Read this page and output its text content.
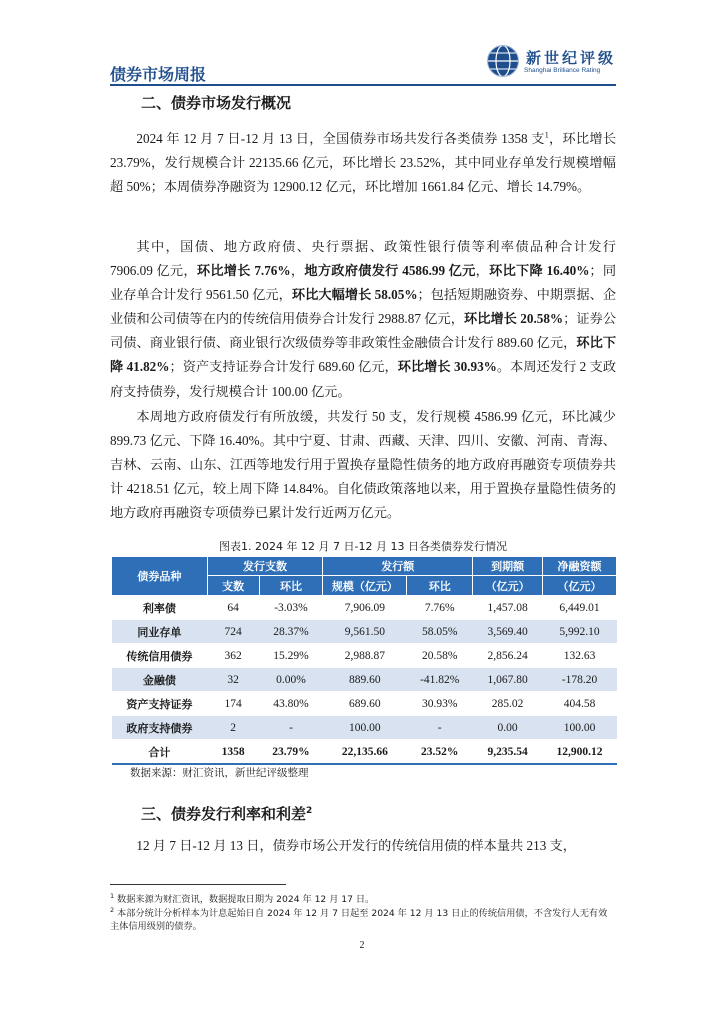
债券市场周报
新世纪评级
Shanghai Brilliance Rating
二、债券市场发行概况
2024 年 12 月 7 日-12 月 13 日，全国债券市场共发行各类债券 1358 支$^1$，环比增长 23.79%，发行规模合计 22135.66 亿元，环比增长 23.52%，其中同业存单发行规模增幅超 50%；本周债券净融资为 12900.12 亿元，环比增加 1661.84 亿元、增长 14.79%。
其中，国债、地方政府债、央行票据、政策性银行债等利率债品种合计发行 7906.09 亿元，环比增长 7.76%，地方政府债发行 4586.99 亿元，环比下降 16.40%；同业存单合计发行 9561.50 亿元，环比大幅增长 58.05%；包括短期融资券、中期票据、企业债和公司债等在内的传统信用债券合计发行 2988.87 亿元，环比增长 20.58%；证券公司债、商业银行债、商业银行次级债券等非政策性金融债合计发行 889.60 亿元，环比下降 41.82%；资产支持证券合计发行 689.60 亿元，环比增长 30.93%。本周还发行 2 支政府支持债券，发行规模合计 100.00 亿元。
本周地方政府债发行有所放缓，共发行 50 支，发行规模 4586.99 亿元，环比减少 899.73 亿元、下降 16.40%。其中宁夏、甘肃、西藏、天津、四川、安徽、河南、青海、吉林、云南、山东、江西等地发行用于置换存量隐性债务的地方政府再融资专项债券共计 4218.51 亿元，较上周下降 14.84%。自化债政策落地以来，用于置换存量隐性债务的地方政府再融资专项债券已累计发行近两万亿元。
图表1. 2024 年 12 月 7 日-12 月 13 日各类债券发行情况
债券品种	发行支数		发行额		到期额	净融资额
	支数	环比	规模（亿元）	环比	（亿元）	（亿元）
利率债	64	-3.03%	7,906.09	7.76%	1,457.08	6,449.01
同业存单	724	28.37%	9,561.50	58.05%	3,569.40	5,992.10
传统信用债券	362	15.29%	2,988.87	20.58%	2,856.24	132.63
金融债	32	0.00%	889.60	-41.82%	1,067.80	-178.20
资产支持证券	174	43.80%	689.60	30.93%	285.02	404.58
政府支持债券	2	-	100.00	-	0.00	100.00
合计	1358	23.79%	22,135.66	23.52%	9,235.54	12,900.12
数据来源：财汇资讯，新世纪评级整理
三、债券发行利率和利差$^2$
12 月 7 日-12 月 13 日，债券市场公开发行的传统信用债的样本量共 213 支，
$^1$ 数据来源为财汇资讯，数据提取日期为 2024 年 12 月 17 日。
$^2$ 本部分统计分析样本为计息起始日自 2024 年 12 月 7 日起至 2024 年 12 月 13 日止的传统信用债，不含发行人无有效主体信用级别的债券。
2
